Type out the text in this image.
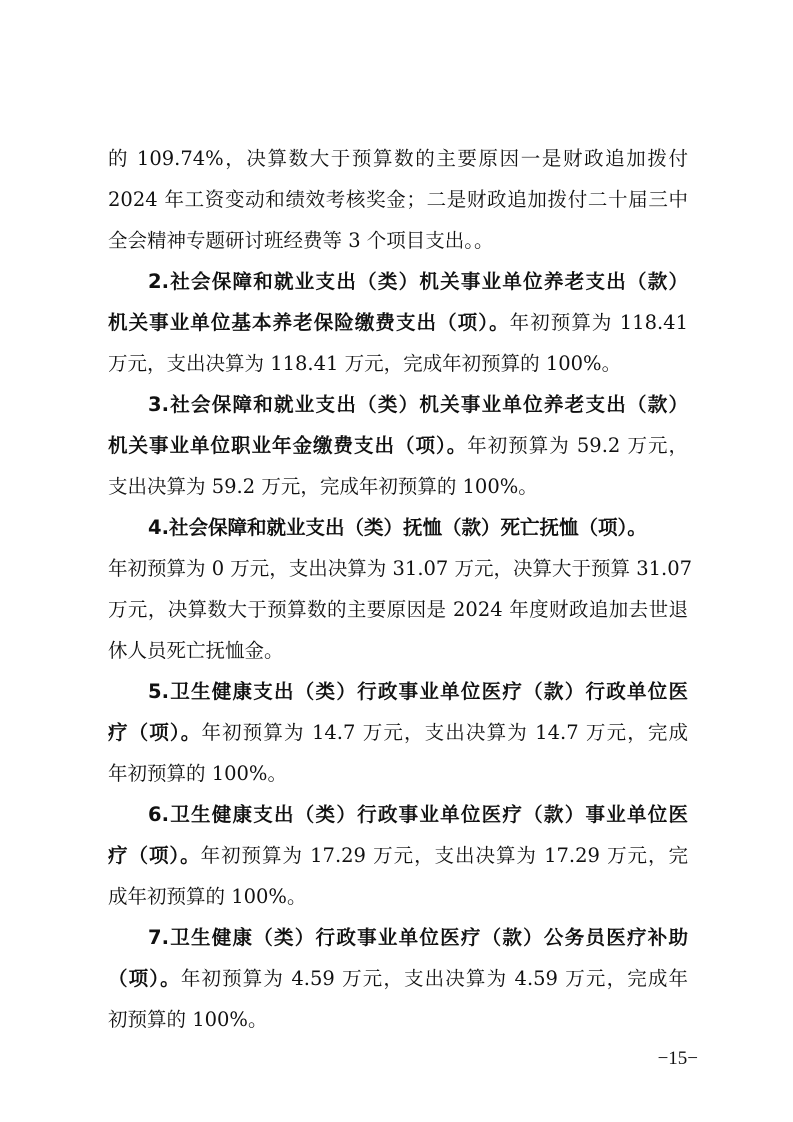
的 109.74%，决算数大于预算数的主要原因一是财政追加拨付
2024 年工资变动和绩效考核奖金；二是财政追加拨付二十届三中
全会精神专题研讨班经费等 3 个项目支出。。
2.社会保障和就业支出（类）机关事业单位养老支出（款）
机关事业单位基本养老保险缴费支出（项）。年初预算为 118.41
万元，支出决算为 118.41 万元，完成年初预算的 100%。
3.社会保障和就业支出（类）机关事业单位养老支出（款）
机关事业单位职业年金缴费支出（项）。年初预算为 59.2 万元，
支出决算为 59.2 万元，完成年初预算的 100%。
4.社会保障和就业支出（类）抚恤（款）死亡抚恤（项）。
年初预算为 0 万元，支出决算为 31.07 万元，决算大于预算 31.07
万元，决算数大于预算数的主要原因是 2024 年度财政追加去世退
休人员死亡抚恤金。
5.卫生健康支出（类）行政事业单位医疗（款）行政单位医
疗（项）。年初预算为 14.7 万元，支出决算为 14.7 万元，完成
年初预算的 100%。
6.卫生健康支出（类）行政事业单位医疗（款）事业单位医
疗（项）。年初预算为 17.29 万元，支出决算为 17.29 万元，完
成年初预算的 100%。
7.卫生健康（类）行政事业单位医疗（款）公务员医疗补助
（项）。年初预算为 4.59 万元，支出决算为 4.59 万元，完成年
初预算的 100%。
−15−
